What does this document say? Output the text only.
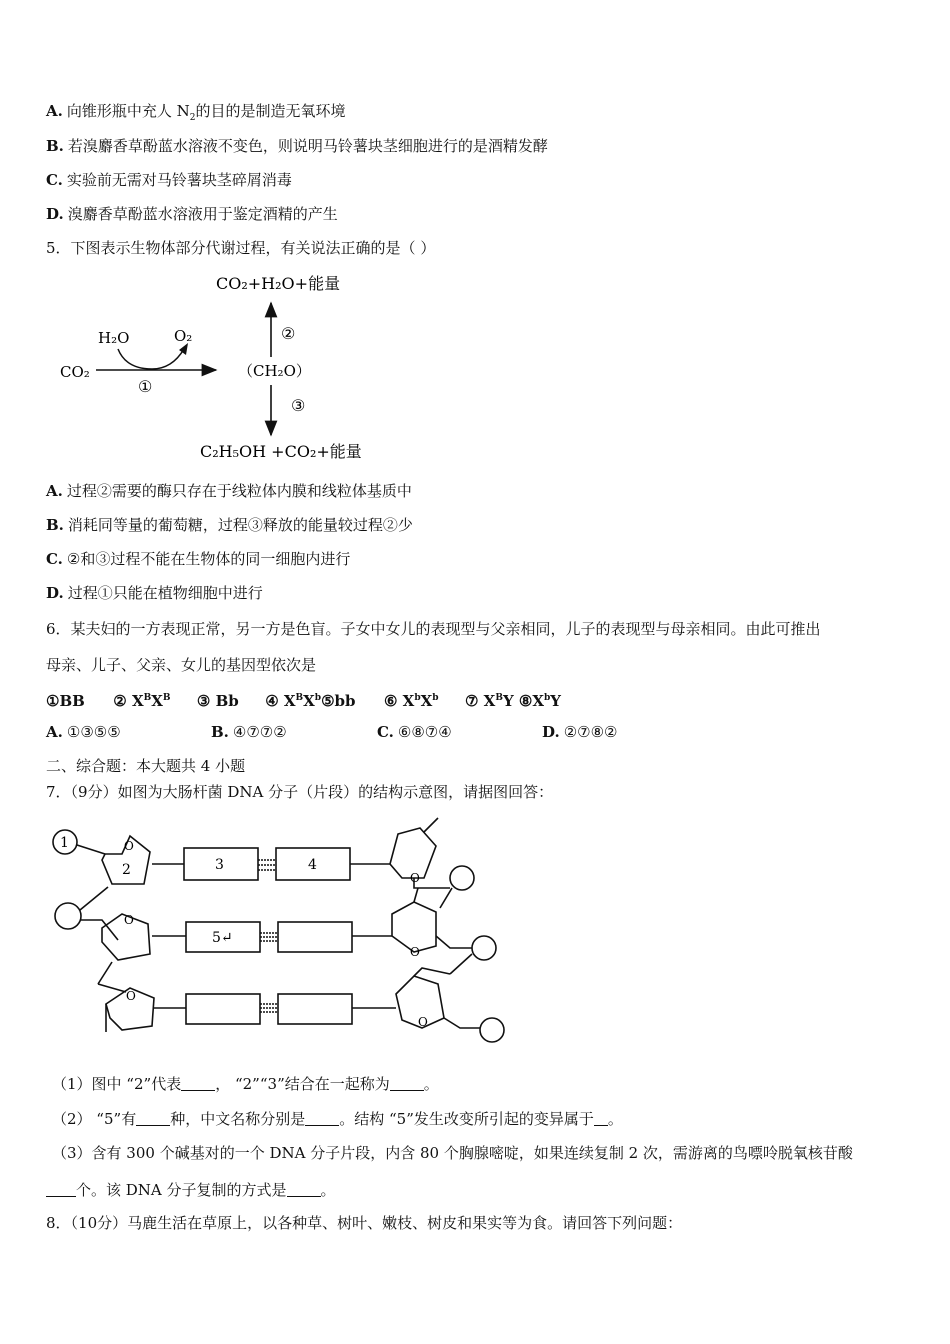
A. 向锥形瓶中充人 $N_2$的目的是制造无氧环境
B. 若溴麝香草酚蓝水溶液不变色，则说明马铃薯块茎细胞进行的是酒精发酵
C. 实验前无需对马铃薯块茎碎屑消毒
D. 溴麝香草酚蓝水溶液用于鉴定酒精的产生
5．下图表示生物体部分代谢过程，有关说法正确的是（ ）
CO₂+H₂O+能量
②
H₂O	O₂
CO₂
①
（CH₂O）
③
C₂H₅OH +CO₂+能量
A. 过程②需要的酶只存在于线粒体内膜和线粒体基质中
B. 消耗同等量的葡萄糖，过程③释放的能量较过程②少
C. ②和③过程不能在生物体的同一细胞内进行
D. 过程①只能在植物细胞中进行
6．某夫妇的一方表现正常，另一方是色盲。子女中女儿的表现型与父亲相同，儿子的表现型与母亲相同。由此可推出
母亲、儿子、父亲、女儿的基因型依次是
①BB ② $X^BX^B$ ③ Bb ④ $X^BX^b⑤bb$ ⑥ $X^bX^b$ ⑦ $X^BY$ $⑧X^bY$
A. ①③⑤⑤	B. ④⑦⑦②	C. ⑥⑧⑦④	D. ②⑦⑧②
二、综合题：本大题共 4 小题
7．（9分）如图为大肠杆菌 DNA 分子（片段）的结构示意图，请据图回答：
1
2	3	4
5↵
O
O
O
O
O
O
（1）图中 “2”代表 ， “2”“3”结合在一起称为 。
（2） “5”有 种，中文名称分别是 。结构 “5”发生改变所引起的变异属于 。
（3）含有 300 个碱基对的一个 DNA 分子片段，内含 80 个胸腺嘧啶，如果连续复制 2 次，需游离的鸟嘌呤脱氧核苷酸
个。该 DNA 分子复制的方式是 。
8．（10分）马鹿生活在草原上，以各种草、树叶、嫩枝、树皮和果实等为食。请回答下列问题：
